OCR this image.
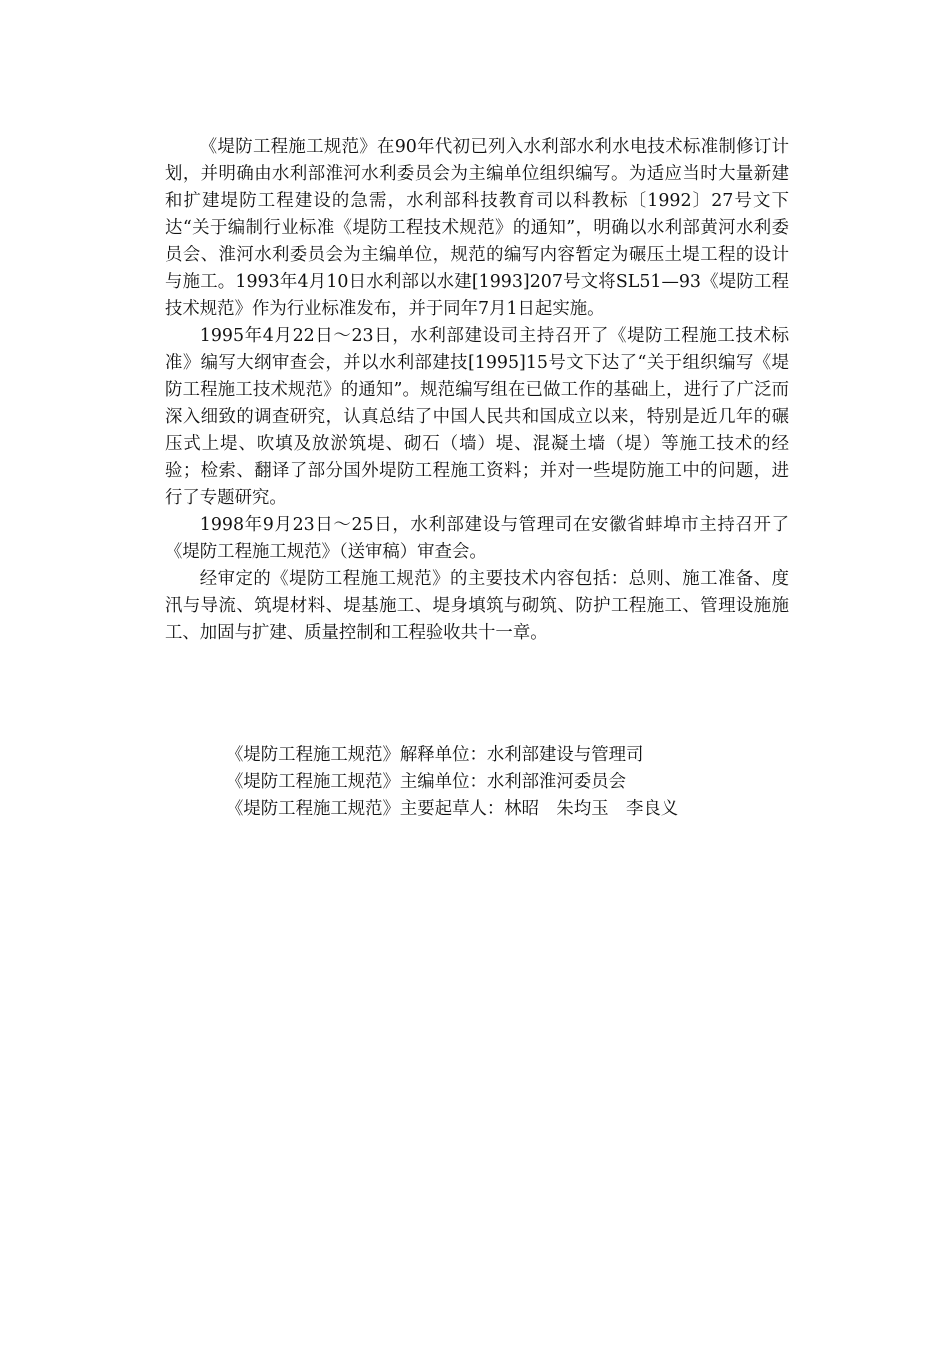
《堤防工程施工规范》在90年代初已列入水利部水利水电技术标准制修订计划，并明确由水利部淮河水利委员会为主编单位组织编写。为适应当时大量新建和扩建堤防工程建设的急需，水利部科技教育司以科教标〔1992〕27号文下达“关于编制行业标准《堤防工程技术规范》的通知”，明确以水利部黄河水利委员会、淮河水利委员会为主编单位，规范的编写内容暂定为碾压土堤工程的设计与施工。1993年4月10日水利部以水建[1993]207号文将SL51—93《堤防工程技术规范》作为行业标准发布，并于同年7月1日起实施。

1995年4月22日～23日，水利部建设司主持召开了《堤防工程施工技术标准》编写大纲审查会，并以水利部建技[1995]15号文下达了“关于组织编写《堤防工程施工技术规范》的通知”。规范编写组在已做工作的基础上，进行了广泛而深入细致的调查研究，认真总结了中国人民共和国成立以来，特别是近几年的碾压式上堤、吹填及放淤筑堤、砌石（墙）堤、混凝土墙（堤）等施工技术的经验；检索、翻译了部分国外堤防工程施工资料；并对一些堤防施工中的问题，进行了专题研究。

1998年9月23日～25日，水利部建设与管理司在安徽省蚌埠市主持召开了《堤防工程施工规范》（送审稿）审查会。

经审定的《堤防工程施工规范》的主要技术内容包括：总则、施工准备、度汛与导流、筑堤材料、堤基施工、堤身填筑与砌筑、防护工程施工、管理设施施工、加固与扩建、质量控制和工程验收共十一章。

《堤防工程施工规范》解释单位：水利部建设与管理司

《堤防工程施工规范》主编单位：水利部淮河委员会

《堤防工程施工规范》主要起草人：林昭　朱均玉　李良义
